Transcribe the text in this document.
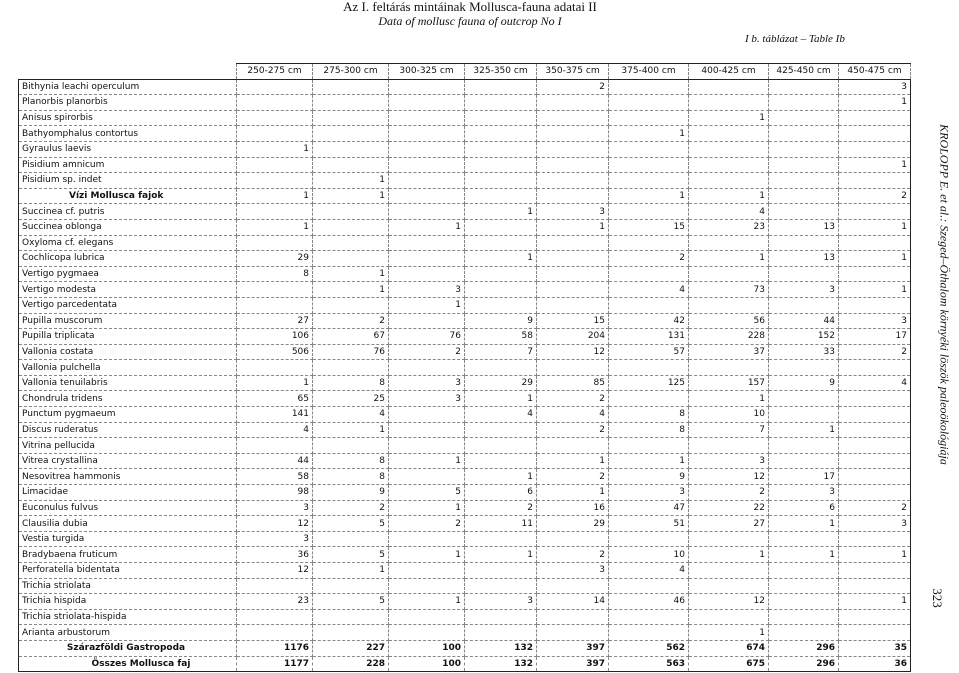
Az I. feltárás mintáinak Mollusca-fauna adatai II
Data of mollusc fauna of outcrop No I
I b. táblázat – Table Ib
	250-275 cm	275-300 cm	300-325 cm	325-350 cm	350-375 cm	375-400 cm	400-425 cm	425-450 cm	450-475 cm
Bithynia leachi operculum					2				3
Planorbis planorbis									1
Anisus spirorbis							1		
Bathyomphalus contortus						1			
Gyraulus laevis	1								
Pisidium amnicum									1
Pisidium sp. indet		1							
Vízi Mollusca fajok	1	1				1	1		2
Succinea cf. putris				1	3		4		
Succinea oblonga	1		1		1	15	23	13	1
Oxyloma cf. elegans									
Cochlicopa lubrica	29			1		2	1	13	1
Vertigo pygmaea	8	1							
Vertigo modesta		1	3			4	73	3	1
Vertigo parcedentata			1						
Pupilla muscorum	27	2		9	15	42	56	44	3
Pupilla triplicata	106	67	76	58	204	131	228	152	17
Vallonia costata	506	76	2	7	12	57	37	33	2
Vallonia pulchella									
Vallonia tenuilabris	1	8	3	29	85	125	157	9	4
Chondrula tridens	65	25	3	1	2		1		
Punctum pygmaeum	141	4		4	4	8	10		
Discus ruderatus	4	1			2	8	7	1	
Vitrina pellucida									
Vitrea crystallina	44	8	1		1	1	3		
Nesovitrea hammonis	58	8		1	2	9	12	17	
Limacidae	98	9	5	6	1	3	2	3	
Euconulus fulvus	3	2	1	2	16	47	22	6	2
Clausilia dubia	12	5	2	11	29	51	27	1	3
Vestia turgida	3								
Bradybaena fruticum	36	5	1	1	2	10	1	1	1
Perforatella bidentata	12	1			3	4			
Trichia striolata									
Trichia hispida	23	5	1	3	14	46	12		1
Trichia striolata-hispida									
Arianta arbustorum							1		
Szárazföldi Gastropoda	1176	227	100	132	397	562	674	296	35
Összes Mollusca faj	1177	228	100	132	397	563	675	296	36
KROLOPP E. et al.: Szeged–Öthalom környéki löszök paleoökológiája
323
